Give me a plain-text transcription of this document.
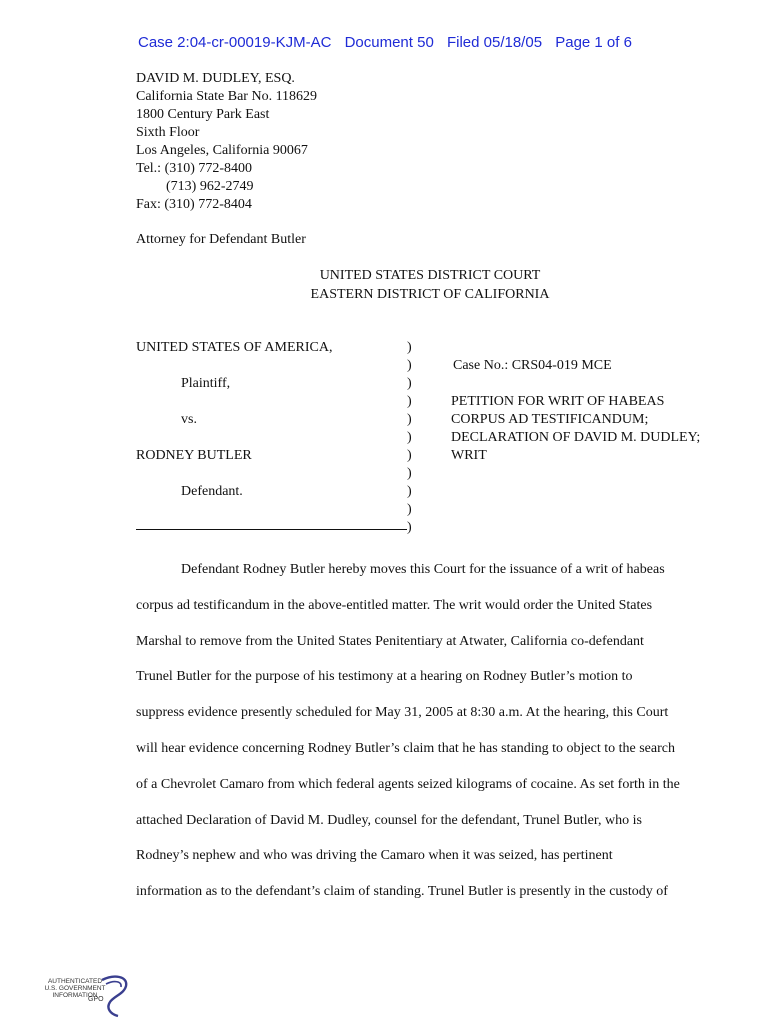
Case 2:04-cr-00019-KJM-AC Document 50 Filed 05/18/05 Page 1 of 6
DAVID M. DUDLEY, ESQ.
California State Bar No. 118629
1800 Century Park East
Sixth Floor
Los Angeles, California 90067
Tel.: (310) 772-8400
(713) 962-2749
Fax: (310) 772-8404
Attorney for Defendant Butler
UNITED STATES DISTRICT COURT
EASTERN DISTRICT OF CALIFORNIA
UNITED STATES OF AMERICA,
Plaintiff,
vs.
RODNEY BUTLER
Defendant.
)
)
)
)
)
)
)
)
)
)
)
Case No.: CRS04-019 MCE
PETITION FOR WRIT OF HABEAS
CORPUS AD TESTIFICANDUM;
DECLARATION OF DAVID M. DUDLEY;
WRIT
Defendant Rodney Butler hereby moves this Court for the issuance of a writ of habeas
corpus ad testificandum in the above-entitled matter. The writ would order the United States
Marshal to remove from the United States Penitentiary at Atwater, California co-defendant
Trunel Butler for the purpose of his testimony at a hearing on Rodney Butler’s motion to
suppress evidence presently scheduled for May 31, 2005 at 8:30 a.m. At the hearing, this Court
will hear evidence concerning Rodney Butler’s claim that he has standing to object to the search
of a Chevrolet Camaro from which federal agents seized kilograms of cocaine. As set forth in the
attached Declaration of David M. Dudley, counsel for the defendant, Trunel Butler, who is
Rodney’s nephew and who was driving the Camaro when it was seized, has pertinent
information as to the defendant’s claim of standing. Trunel Butler is presently in the custody of
AUTHENTICATED
U.S. GOVERNMENT
INFORMATION
GPO
